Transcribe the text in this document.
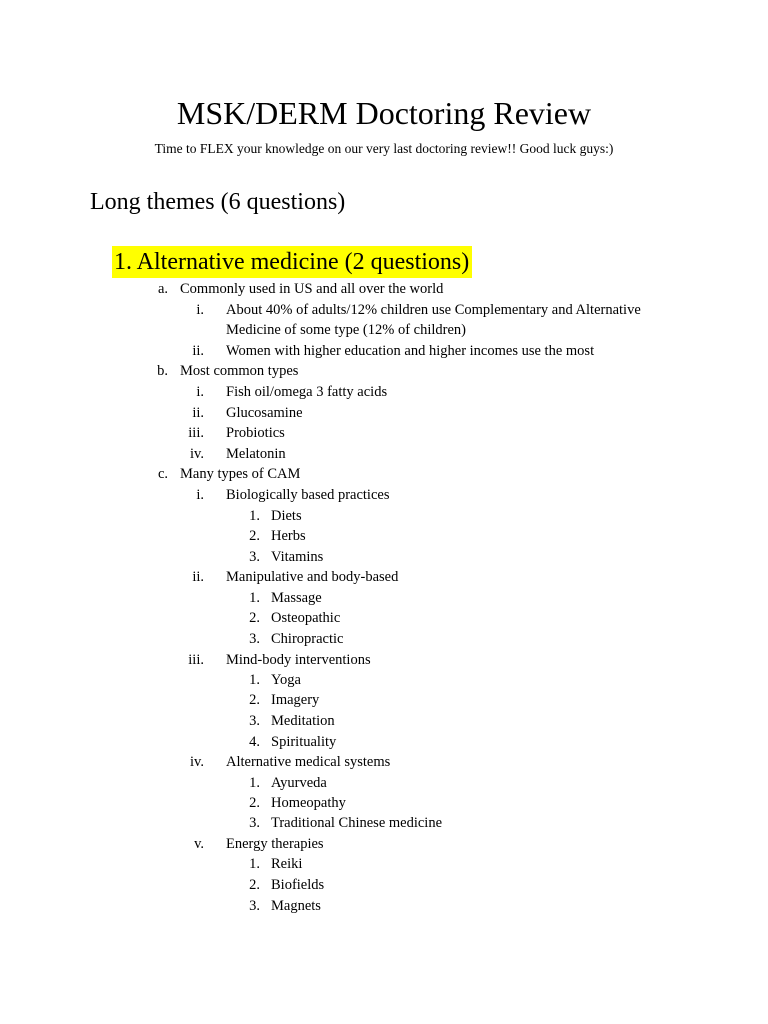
MSK/DERM Doctoring Review
Time to FLEX your knowledge on our very last doctoring review!! Good luck guys:)
Long themes (6 questions)
1. Alternative medicine (2 questions)
a. Commonly used in US and all over the world
i. About 40% of adults/12% children use Complementary and Alternative
Medicine of some type (12% of children)
ii. Women with higher education and higher incomes use the most
b. Most common types
i. Fish oil/omega 3 fatty acids
ii. Glucosamine
iii. Probiotics
iv. Melatonin
c. Many types of CAM
i. Biologically based practices
1. Diets
2. Herbs
3. Vitamins
ii. Manipulative and body-based
1. Massage
2. Osteopathic
3. Chiropractic
iii. Mind-body interventions
1. Yoga
2. Imagery
3. Meditation
4. Spirituality
iv. Alternative medical systems
1. Ayurveda
2. Homeopathy
3. Traditional Chinese medicine
v. Energy therapies
1. Reiki
2. Biofields
3. Magnets
